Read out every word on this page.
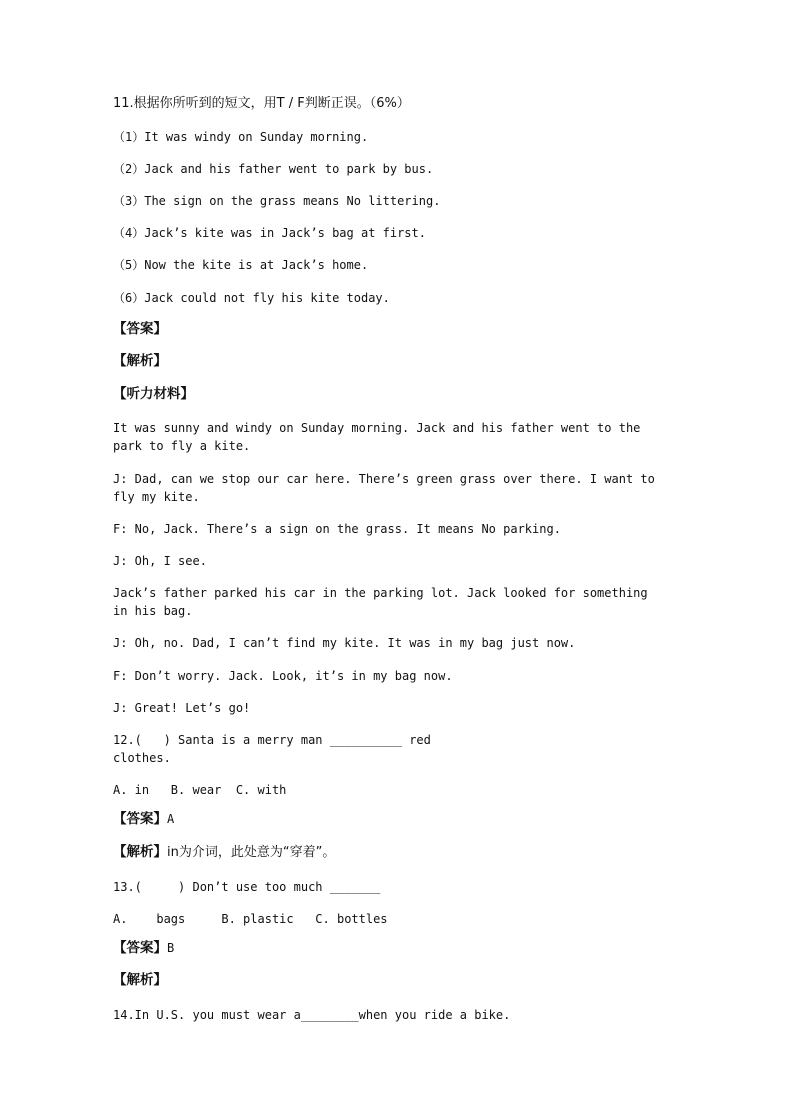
11.根据你所听到的短文，用T / F判断正误。（6%）
（1）It was windy on Sunday morning.
（2）Jack and his father went to park by bus.
（3）The sign on the grass means No littering.
（4）Jack’s kite was in Jack’s bag at first.
（5）Now the kite is at Jack’s home.
（6）Jack could not fly his kite today.
【答案】
【解析】
【听力材料】
It was sunny and windy on Sunday morning. Jack and his father went to the park to fly a kite.
J: Dad, can we stop our car here. There’s green grass over there. I want to fly my kite.
F: No, Jack. There’s a sign on the grass. It means No parking.
J: Oh, I see.
Jack’s father parked his car in the parking lot. Jack looked for something in his bag.
J: Oh, no. Dad, I can’t find my kite. It was in my bag just now.
F: Don’t worry. Jack. Look, it’s in my bag now.
J: Great! Let’s go!
12.(   ) Santa is a merry man __________ red clothes.
A. in   B. wear  C. with
【答案】A
【解析】in为介词，此处意为“穿着”。
13.(     ) Don’t use too much _______
A.    bags     B. plastic   C. bottles
【答案】B
【解析】
14.In U.S. you must wear a________when you ride a bike.
